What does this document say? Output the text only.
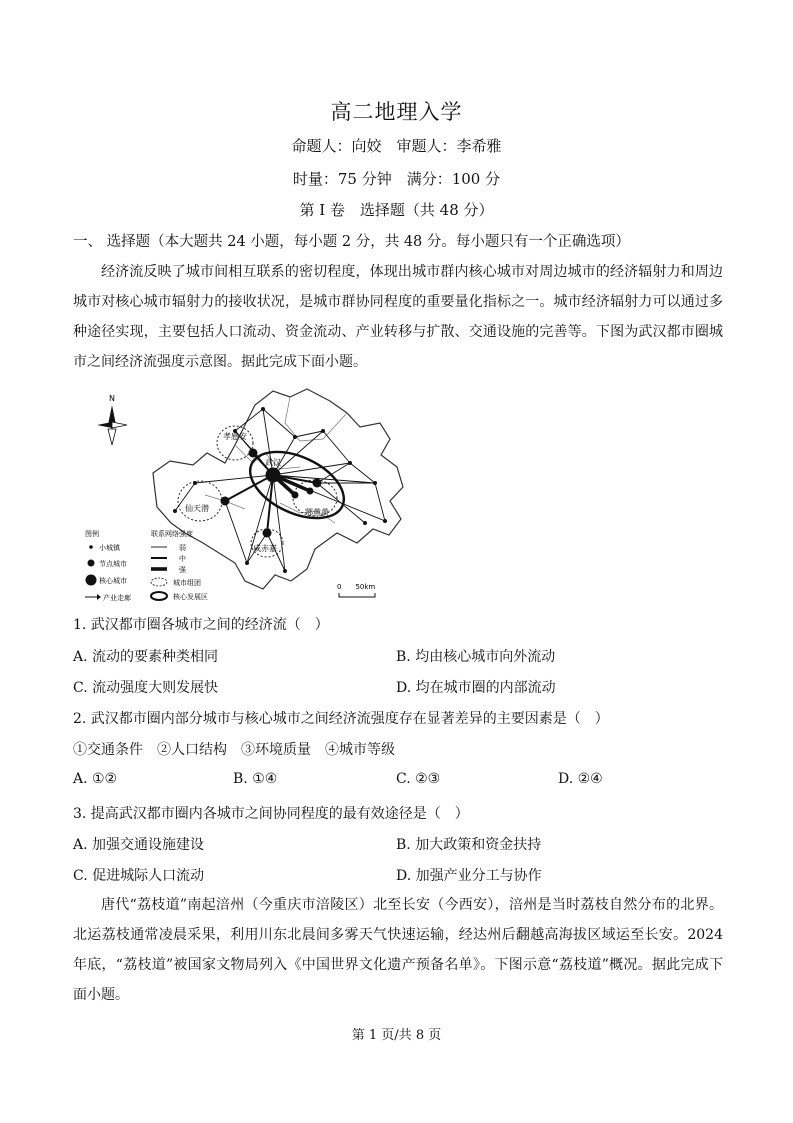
高二地理入学
命题人：向姣　审题人：李希雅
时量：75 分钟　满分：100 分
第 I 卷　选择题（共 48 分）
一、 选择题（本大题共 24 小题，每小题 2 分，共 48 分。每小题只有一个正确选项）
经济流反映了城市间相互联系的密切程度，体现出城市群内核心城市对周边城市的经济辐射力和周边城市对核心城市辐射力的接收状况，是城市群协同程度的重要量化指标之一。城市经济辐射力可以通过多种途径实现，主要包括人口流动、资金流动、产业转移与扩散、交通设施的完善等。下图为武汉都市圈城市之间经济流强度示意图。据此完成下面小题。
N
孝感安
武汉
仙天潜	鄂黄黄
咸赤嘉
图例	联系网络强度
小城镇
节点城市
核心城市
产业走廊
弱
中
强
城市组团
核心发展区
0　　50km
1. 武汉都市圈各城市之间的经济流（　）
A. 流动的要素种类相同	B. 均由核心城市向外流动
C. 流动强度大则发展快	D. 均在城市圈的内部流动
2. 武汉都市圈内部分城市与核心城市之间经济流强度存在显著差异的主要因素是（　）
①交通条件　②人口结构　③环境质量　④城市等级
A. ①②	B. ①④	C. ②③	D. ②④
3. 提高武汉都市圈内各城市之间协同程度的最有效途径是（　）
A. 加强交通设施建设	B. 加大政策和资金扶持
C. 促进城际人口流动	D. 加强产业分工与协作
唐代“荔枝道”南起涪州（今重庆市涪陵区）北至长安（今西安），涪州是当时荔枝自然分布的北界。北运荔枝通常凌晨采果，利用川东北晨间多雾天气快速运输，经达州后翻越高海拔区域运至长安。2024 年底，“荔枝道”被国家文物局列入《中国世界文化遗产预备名单》。下图示意“荔枝道”概况。据此完成下面小题。
第 1 页/共 8 页
